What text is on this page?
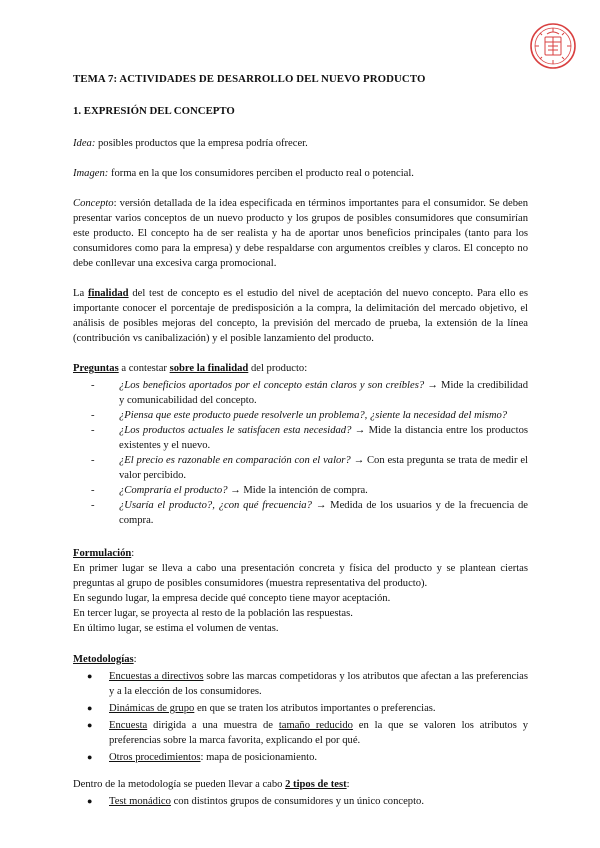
TEMA 7: ACTIVIDADES DE DESARROLLO DEL NUEVO PRODUCTO

1. EXPRESIÓN DEL CONCEPTO

Idea: posibles productos que la empresa podría ofrecer.

Imagen: forma en la que los consumidores perciben el producto real o potencial.

Concepto: versión detallada de la idea especificada en términos importantes para el consumidor. Se deben presentar varios conceptos de un nuevo producto y los grupos de posibles consumidores que consumirían este producto. El concepto ha de ser realista y ha de aportar unos beneficios principales (tanto para los consumidores como para la empresa) y debe respaldarse con argumentos creíbles y claros. El concepto no debe conllevar una excesiva carga promocional.

La finalidad del test de concepto es el estudio del nivel de aceptación del nuevo concepto. Para ello es importante conocer el porcentaje de predisposición a la compra, la delimitación del mercado objetivo, el análisis de posibles mejoras del concepto, la previsión del mercado de prueba, la extensión de la línea (contribución vs canibalización) y el posible lanzamiento del producto.

Preguntas a contestar sobre la finalidad del producto:

- ¿Los beneficios aportados por el concepto están claros y son creíbles? → Mide la credibilidad y comunicabilidad del concepto.
- ¿Piensa que este producto puede resolverle un problema?, ¿siente la necesidad del mismo?
- ¿Los productos actuales le satisfacen esta necesidad? → Mide la distancia entre los productos existentes y el nuevo.
- ¿El precio es razonable en comparación con el valor? → Con esta pregunta se trata de medir el valor percibido.
- ¿Compraría el producto? → Mide la intención de compra.
- ¿Usaría el producto?, ¿con qué frecuencia? → Medida de los usuarios y de la frecuencia de compra.

Formulación:

En primer lugar se lleva a cabo una presentación concreta y física del producto y se plantean ciertas preguntas al grupo de posibles consumidores (muestra representativa del producto).

En segundo lugar, la empresa decide qué concepto tiene mayor aceptación.

En tercer lugar, se proyecta al resto de la población las respuestas.

En último lugar, se estima el volumen de ventas.

Metodologías:

● Encuestas a directivos sobre las marcas competidoras y los atributos que afectan a las preferencias y a la elección de los consumidores.
● Dinámicas de grupo en que se traten los atributos importantes o preferencias.
● Encuesta dirigida a una muestra de tamaño reducido en la que se valoren los atributos y preferencias sobre la marca favorita, explicando el por qué.
● Otros procedimientos: mapa de posicionamiento.

Dentro de la metodología se pueden llevar a cabo 2 tipos de test:

● Test monádico con distintos grupos de consumidores y un único concepto.
